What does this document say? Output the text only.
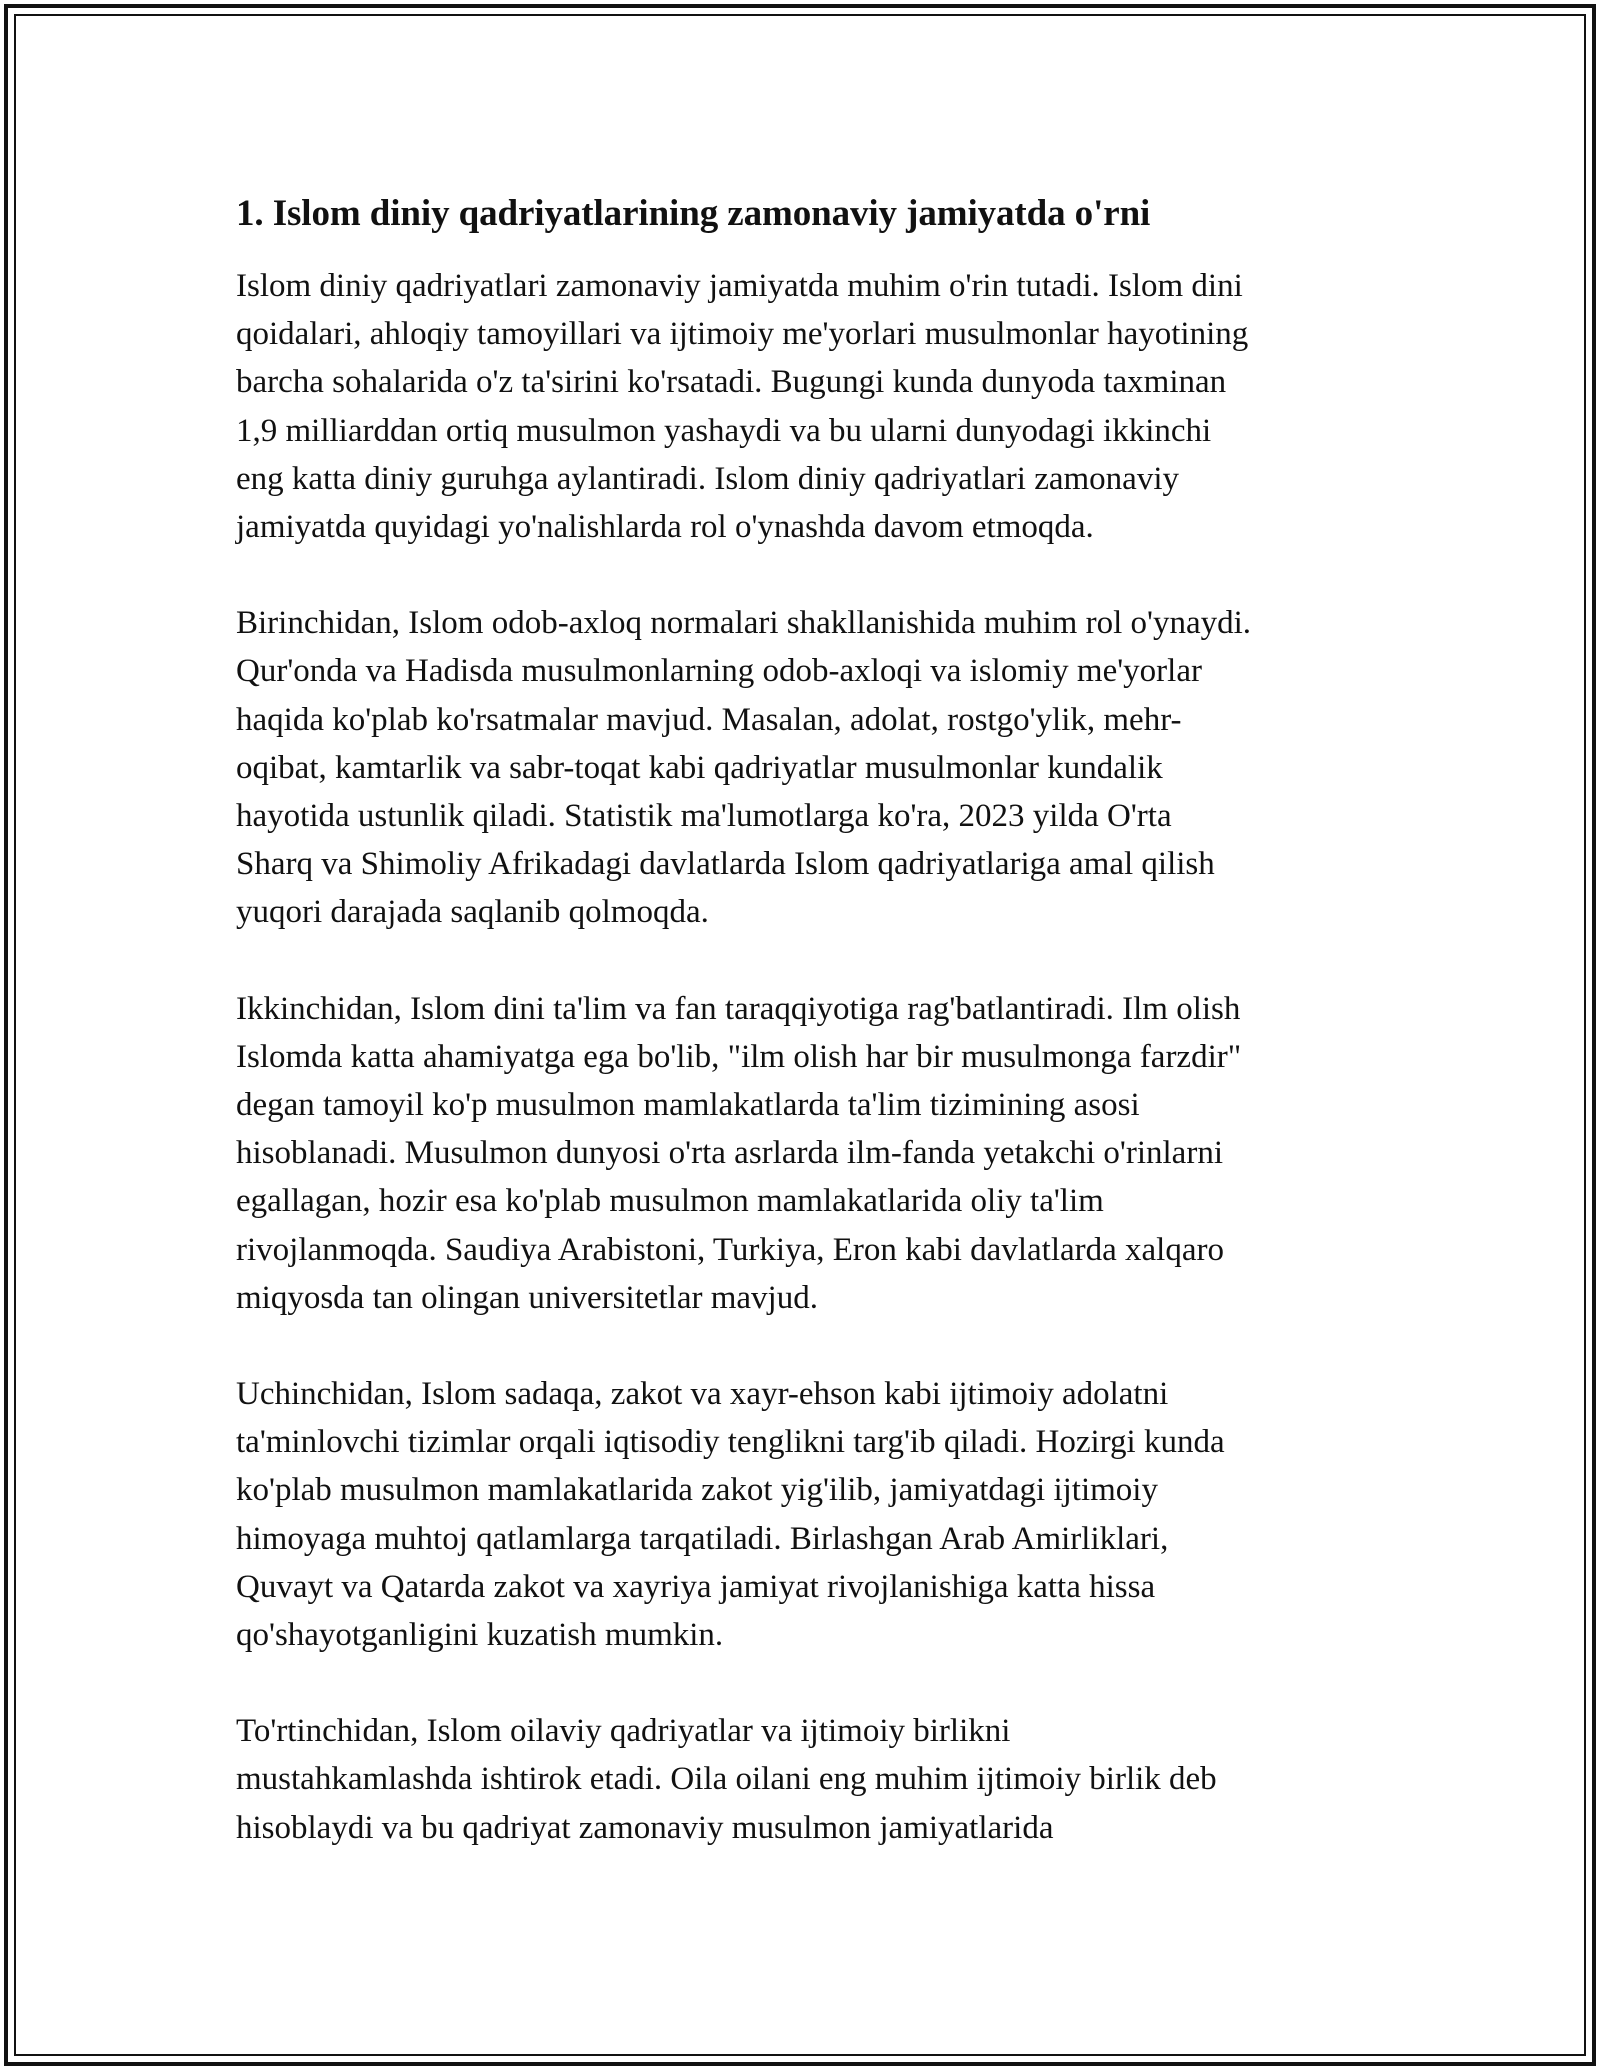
1. Islom diniy qadriyatlarining zamonaviy jamiyatda o'rni

Islom diniy qadriyatlari zamonaviy jamiyatda muhim o'rin tutadi. Islom dini
qoidalari, ahloqiy tamoyillari va ijtimoiy me'yorlari musulmonlar hayotining
barcha sohalarida o'z ta'sirini ko'rsatadi. Bugungi kunda dunyoda taxminan
1,9 milliarddan ortiq musulmon yashaydi va bu ularni dunyodagi ikkinchi
eng katta diniy guruhga aylantiradi. Islom diniy qadriyatlari zamonaviy
jamiyatda quyidagi yo'nalishlarda rol o'ynashda davom etmoqda.

Birinchidan, Islom odob-axloq normalari shakllanishida muhim rol o'ynaydi.
Qur'onda va Hadisda musulmonlarning odob-axloqi va islomiy me'yorlar
haqida ko'plab ko'rsatmalar mavjud. Masalan, adolat, rostgo'ylik, mehr-
oqibat, kamtarlik va sabr-toqat kabi qadriyatlar musulmonlar kundalik
hayotida ustunlik qiladi. Statistik ma'lumotlarga ko'ra, 2023 yilda O'rta
Sharq va Shimoliy Afrikadagi davlatlarda Islom qadriyatlariga amal qilish
yuqori darajada saqlanib qolmoqda.

Ikkinchidan, Islom dini ta'lim va fan taraqqiyotiga rag'batlantiradi. Ilm olish
Islomda katta ahamiyatga ega bo'lib, "ilm olish har bir musulmonga farzdir"
degan tamoyil ko'p musulmon mamlakatlarda ta'lim tizimining asosi
hisoblanadi. Musulmon dunyosi o'rta asrlarda ilm-fanda yetakchi o'rinlarni
egallagan, hozir esa ko'plab musulmon mamlakatlarida oliy ta'lim
rivojlanmoqda. Saudiya Arabistoni, Turkiya, Eron kabi davlatlarda xalqaro
miqyosda tan olingan universitetlar mavjud.

Uchinchidan, Islom sadaqa, zakot va xayr-ehson kabi ijtimoiy adolatni
ta'minlovchi tizimlar orqali iqtisodiy tenglikni targ'ib qiladi. Hozirgi kunda
ko'plab musulmon mamlakatlarida zakot yig'ilib, jamiyatdagi ijtimoiy
himoyaga muhtoj qatlamlarga tarqatiladi. Birlashgan Arab Amirliklari,
Quvayt va Qatarda zakot va xayriya jamiyat rivojlanishiga katta hissa
qo'shayotganligini kuzatish mumkin.

To'rtinchidan, Islom oilaviy qadriyatlar va ijtimoiy birlikni
mustahkamlashda ishtirok etadi. Oila oilani eng muhim ijtimoiy birlik deb
hisoblaydi va bu qadriyat zamonaviy musulmon jamiyatlarida
